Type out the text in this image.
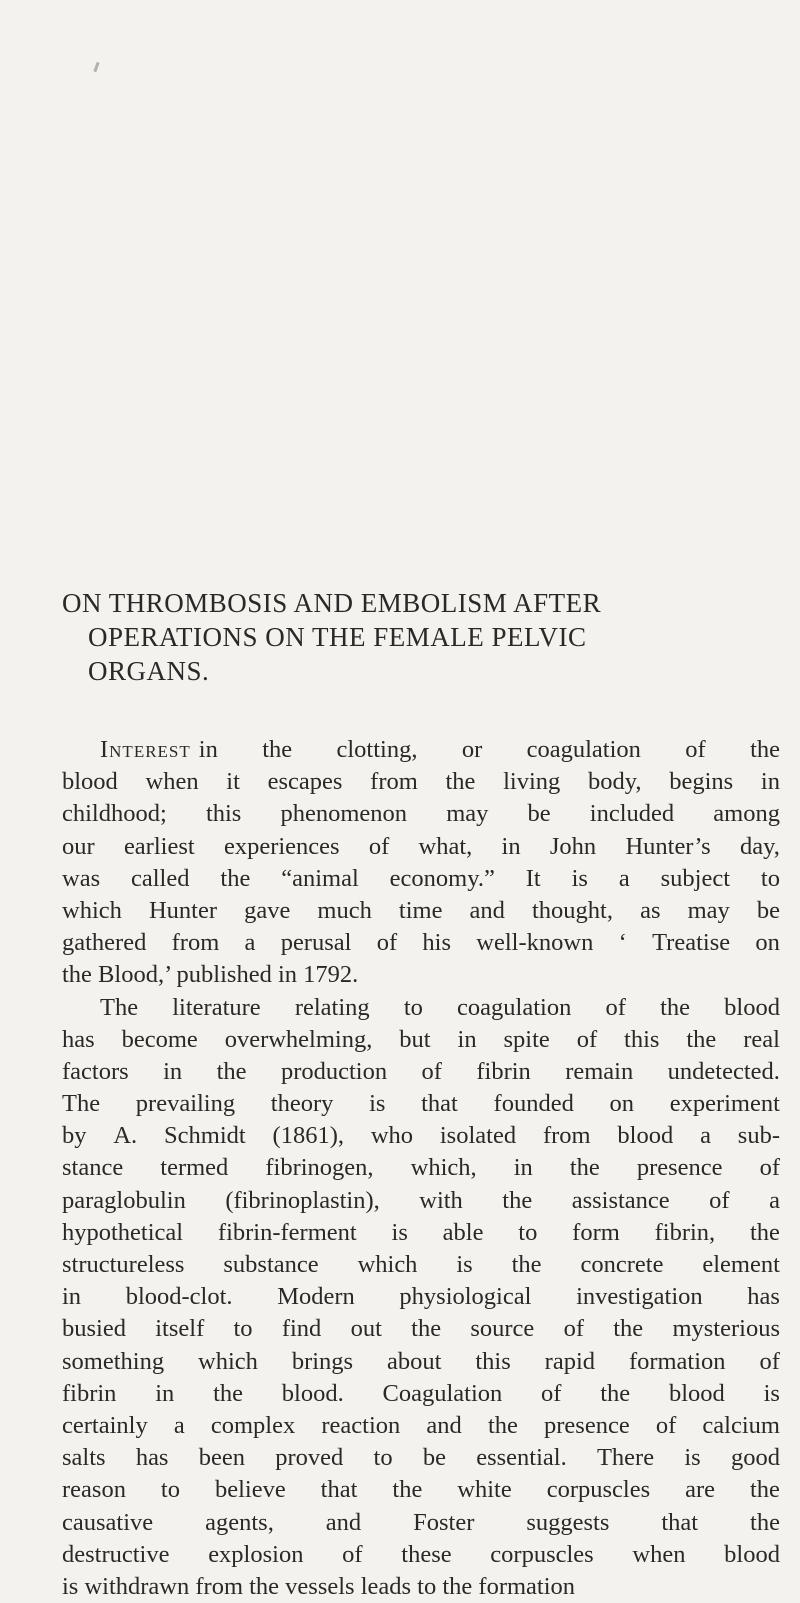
ON THROMBOSIS AND EMBOLISM AFTER
OPERATIONS ON THE FEMALE PELVIC
ORGANS.
Interest in the clotting, or coagulation of the
blood when it escapes from the living body, begins in
childhood; this phenomenon may be included among
our earliest experiences of what, in John Hunter’s day,
was called the “animal economy.” It is a subject to
which Hunter gave much time and thought, as may be
gathered from a perusal of his well-known ‘ Treatise on
the Blood,’ published in 1792.
The literature relating to coagulation of the blood
has become overwhelming, but in spite of this the real
factors in the production of fibrin remain undetected.
The prevailing theory is that founded on experiment
by A. Schmidt (1861), who isolated from blood a sub-
stance termed fibrinogen, which, in the presence of
paraglobulin (fibrinoplastin), with the assistance of a
hypothetical fibrin-ferment is able to form fibrin, the
structureless substance which is the concrete element
in blood-clot. Modern physiological investigation has
busied itself to find out the source of the mysterious
something which brings about this rapid formation of
fibrin in the blood. Coagulation of the blood is
certainly a complex reaction and the presence of calcium
salts has been proved to be essential. There is good
reason to believe that the white corpuscles are the
causative agents, and Foster suggests that the
destructive explosion of these corpuscles when blood
is withdrawn from the vessels leads to the formation
